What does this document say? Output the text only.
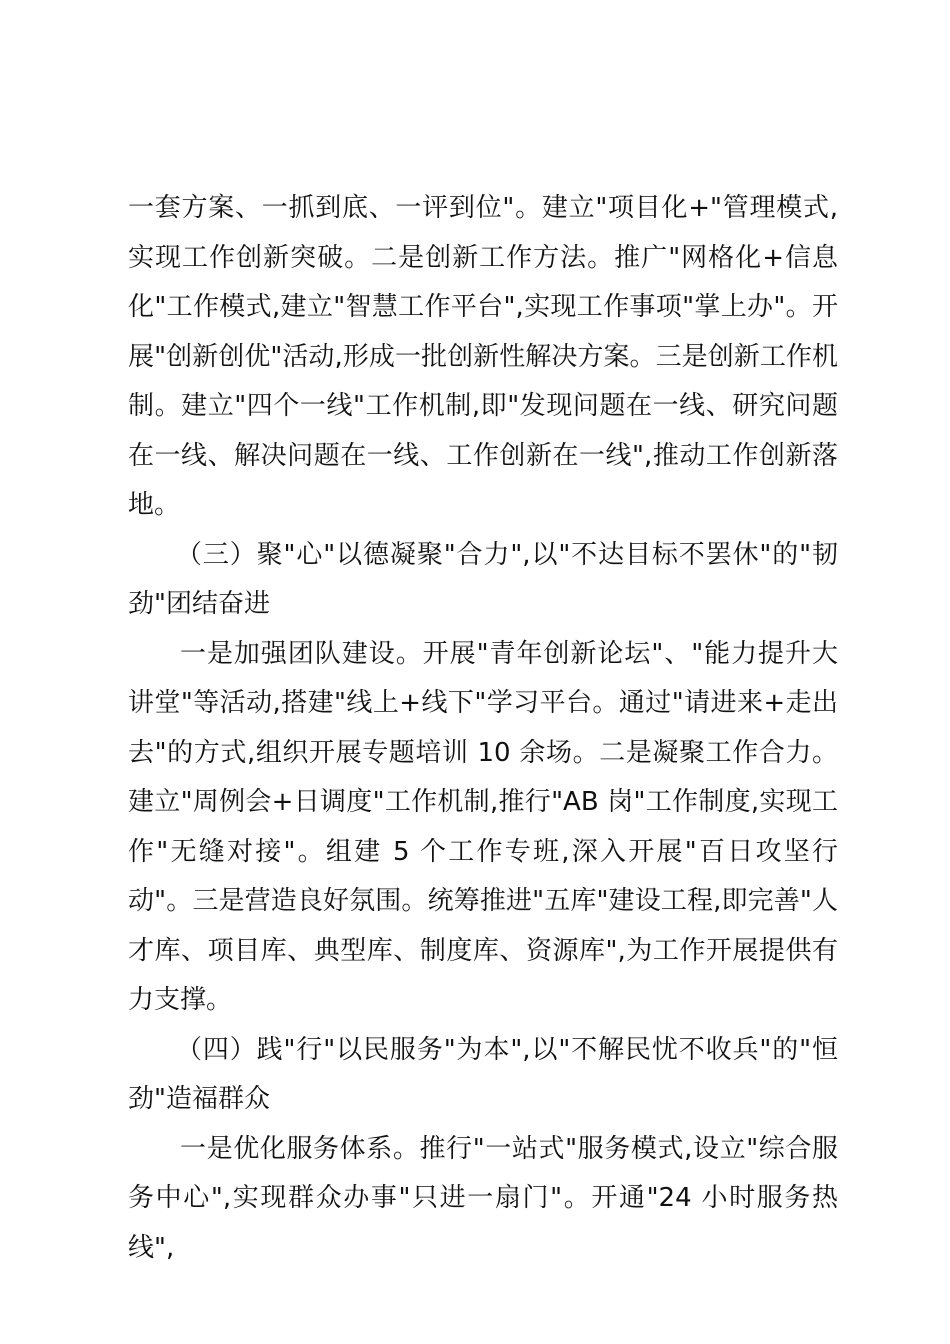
一套方案、一抓到底、一评到位"。建立"项目化+"管理模式,实现工作创新突破。二是创新工作方法。推广"网格化+信息化"工作模式,建立"智慧工作平台",实现工作事项"掌上办"。开展"创新创优"活动,形成一批创新性解决方案。三是创新工作机制。建立"四个一线"工作机制,即"发现问题在一线、研究问题在一线、解决问题在一线、工作创新在一线",推动工作创新落地。

（三）聚"心"以德凝聚"合力",以"不达目标不罢休"的"韧劲"团结奋进

一是加强团队建设。开展"青年创新论坛"、"能力提升大讲堂"等活动,搭建"线上+线下"学习平台。通过"请进来+走出去"的方式,组织开展专题培训 10 余场。二是凝聚工作合力。建立"周例会+日调度"工作机制,推行"AB 岗"工作制度,实现工作"无缝对接"。组建 5 个工作专班,深入开展"百日攻坚行动"。三是营造良好氛围。统筹推进"五库"建设工程,即完善"人才库、项目库、典型库、制度库、资源库",为工作开展提供有力支撑。

（四）践"行"以民服务"为本",以"不解民忧不收兵"的"恒劲"造福群众

一是优化服务体系。推行"一站式"服务模式,设立"综合服务中心",实现群众办事"只进一扇门"。开通"24 小时服务热线",
